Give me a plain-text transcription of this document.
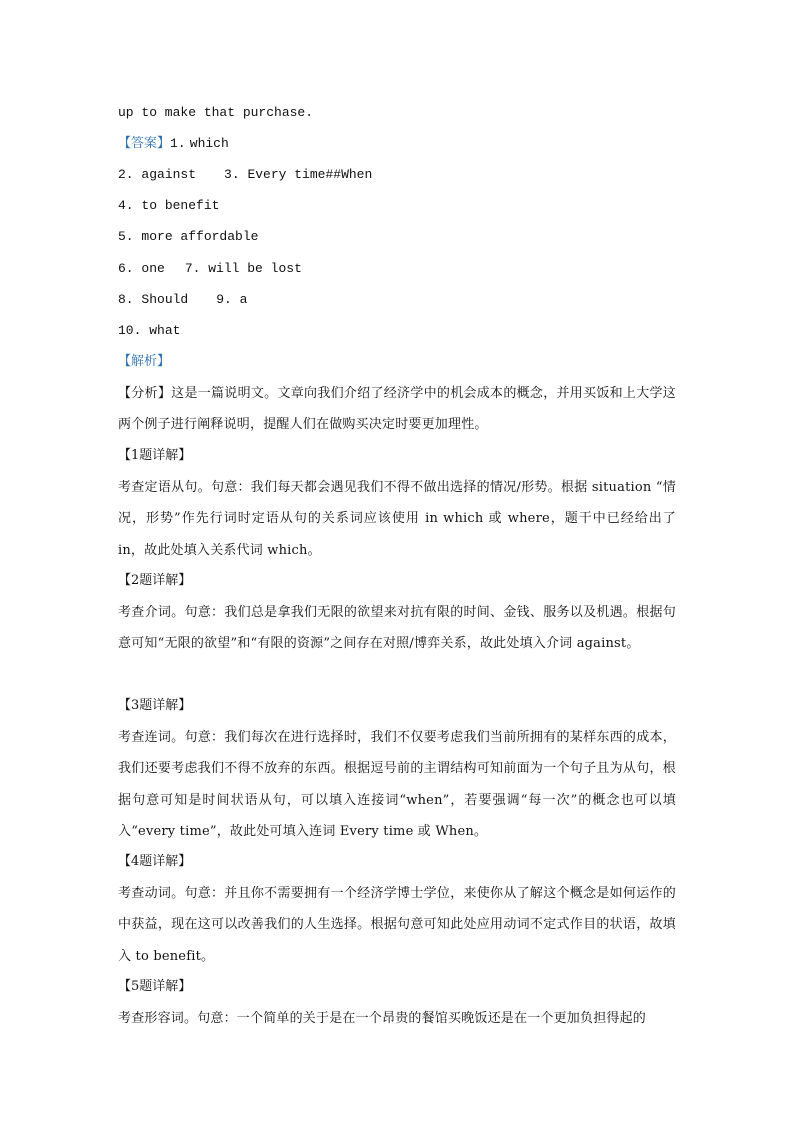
up to make that purchase.
【答案】1. which
2. against 3. Every time##When
4. to benefit
5. more affordable
6. one 7. will be lost
8. Should 9. a
10. what
【解析】
【分析】这是一篇说明文。文章向我们介绍了经济学中的机会成本的概念，并用买饭和上大学这两个例子进行阐释说明，提醒人们在做购买决定时要更加理性。
【1题详解】
考查定语从句。句意：我们每天都会遇见我们不得不做出选择的情况/形势。根据 situation “情况，形势”作先行词时定语从句的关系词应该使用 in which 或 where，题干中已经给出了 in，故此处填入关系代词 which。
【2题详解】
考查介词。句意：我们总是拿我们无限的欲望来对抗有限的时间、金钱、服务以及机遇。根据句意可知“无限的欲望”和“有限的资源”之间存在对照/博弈关系，故此处填入介词 against。
【3题详解】
考查连词。句意：我们每次在进行选择时，我们不仅要考虑我们当前所拥有的某样东西的成本，我们还要考虑我们不得不放弃的东西。根据逗号前的主谓结构可知前面为一个句子且为从句，根据句意可知是时间状语从句，可以填入连接词“when”，若要强调“每一次”的概念也可以填入“every time”，故此处可填入连词 Every time 或 When。
【4题详解】
考查动词。句意：并且你不需要拥有一个经济学博士学位，来使你从了解这个概念是如何运作的中获益，现在这可以改善我们的人生选择。根据句意可知此处应用动词不定式作目的状语，故填入 to benefit。
【5题详解】
考查形容词。句意：一个简单的关于是在一个昂贵的餐馆买晚饭还是在一个更加负担得起的
